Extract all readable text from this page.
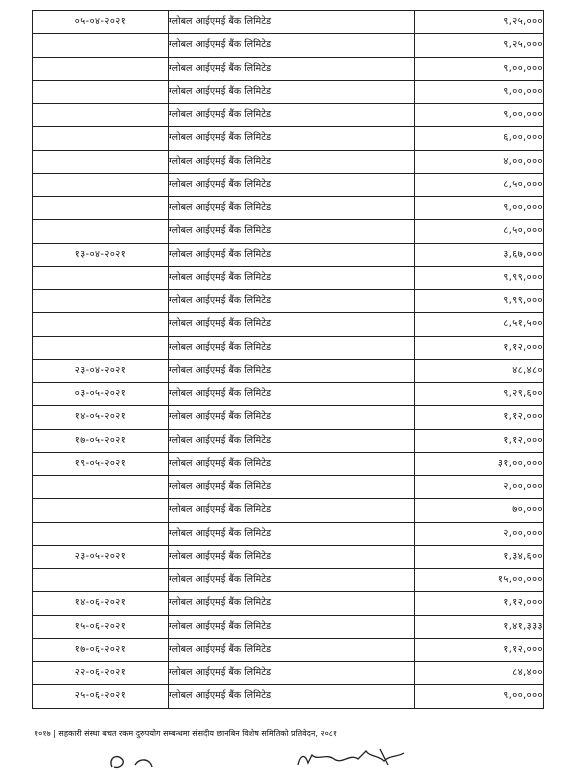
०५-०४-२०२१	ग्लोबल आईएमई बैंक लिमिटेड	९,२५,०००
	ग्लोबल आईएमई बैंक लिमिटेड	९,२५,०००
	ग्लोबल आईएमई बैंक लिमिटेड	९,००,०००
	ग्लोबल आईएमई बैंक लिमिटेड	९,००,०००
	ग्लोबल आईएमई बैंक लिमिटेड	९,००,०००
	ग्लोबल आईएमई बैंक लिमिटेड	६,००,०००
	ग्लोबल आईएमई बैंक लिमिटेड	४,००,०००
	ग्लोबल आईएमई बैंक लिमिटेड	८,५०,०००
	ग्लोबल आईएमई बैंक लिमिटेड	९,००,०००
	ग्लोबल आईएमई बैंक लिमिटेड	८,५०,०००
१३-०४-२०२१	ग्लोबल आईएमई बैंक लिमिटेड	३,६७,०००
	ग्लोबल आईएमई बैंक लिमिटेड	९,९९,०००
	ग्लोबल आईएमई बैंक लिमिटेड	९,९९,०००
	ग्लोबल आईएमई बैंक लिमिटेड	८,५१,५००
	ग्लोबल आईएमई बैंक लिमिटेड	१,१२,०००
२३-०४-२०२१	ग्लोबल आईएमई बैंक लिमिटेड	४८,४८०
०३-०५-२०२१	ग्लोबल आईएमई बैंक लिमिटेड	९,२९,६००
१४-०५-२०२१	ग्लोबल आईएमई बैंक लिमिटेड	१,१२,०००
१७-०५-२०२१	ग्लोबल आईएमई बैंक लिमिटेड	१,१२,०००
१९-०५-२०२१	ग्लोबल आईएमई बैंक लिमिटेड	३१,००,०००
	ग्लोबल आईएमई बैंक लिमिटेड	२,००,०००
	ग्लोबल आईएमई बैंक लिमिटेड	७०,०००
	ग्लोबल आईएमई बैंक लिमिटेड	२,००,०००
२३-०५-२०२१	ग्लोबल आईएमई बैंक लिमिटेड	१,३४,६००
	ग्लोबल आईएमई बैंक लिमिटेड	१५,००,०००
१४-०६-२०२१	ग्लोबल आईएमई बैंक लिमिटेड	१,१२,०००
१५-०६-२०२१	ग्लोबल आईएमई बैंक लिमिटेड	१,४१,३३३
१७-०६-२०२१	ग्लोबल आईएमई बैंक लिमिटेड	१,१२,०००
२२-०६-२०२१	ग्लोबल आईएमई बैंक लिमिटेड	८४,४००
२५-०६-२०२१	ग्लोबल आईएमई बैंक लिमिटेड	९,००,०००
१०१७ | सहकारी संस्था बचत रकम दुरुपयोग सम्बन्धमा संसदीय छानबिन विशेष समितिको प्रतिवेदन, २०८१
